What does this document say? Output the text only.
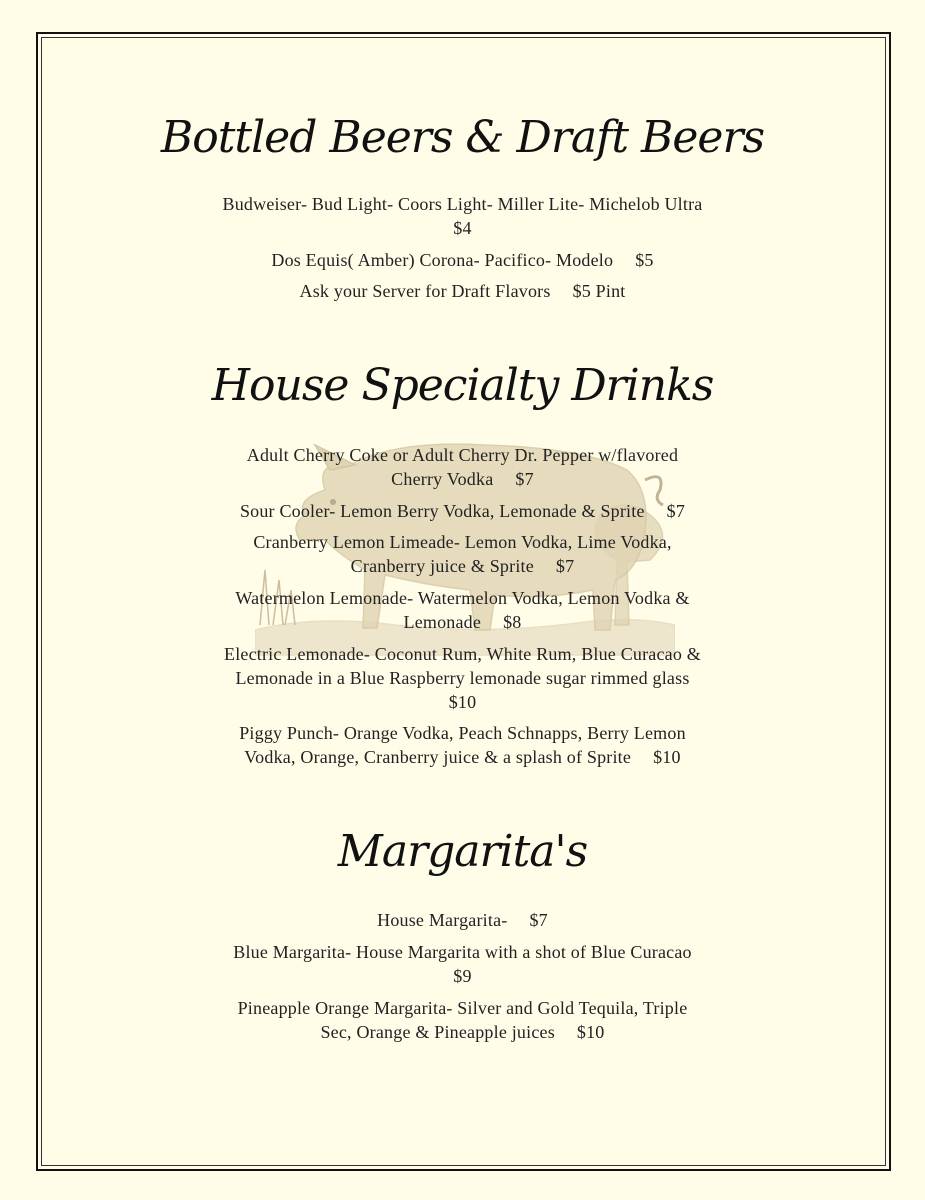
Bottled Beers & Draft Beers

Budweiser- Bud Light- Coors Light- Miller Lite- Michelob Ultra

$4

Dos Equis( Amber) Corona- Pacifico- Modelo $5

Ask your Server for Draft Flavors $5 Pint

House Specialty Drinks

Adult Cherry Coke or Adult Cherry Dr. Pepper w/flavored

Cherry Vodka $7

Sour Cooler- Lemon Berry Vodka, Lemonade & Sprite $7

Cranberry Lemon Limeade- Lemon Vodka, Lime Vodka,

Cranberry juice & Sprite $7

Watermelon Lemonade- Watermelon Vodka, Lemon Vodka &

Lemonade $8

Electric Lemonade- Coconut Rum, White Rum, Blue Curacao &

Lemonade in a Blue Raspberry lemonade sugar rimmed glass

$10

Piggy Punch- Orange Vodka, Peach Schnapps, Berry Lemon

Vodka, Orange, Cranberry juice & a splash of Sprite $10

Margarita's

House Margarita- $7

Blue Margarita- House Margarita with a shot of Blue Curacao

$9

Pineapple Orange Margarita- Silver and Gold Tequila, Triple

Sec, Orange & Pineapple juices $10
